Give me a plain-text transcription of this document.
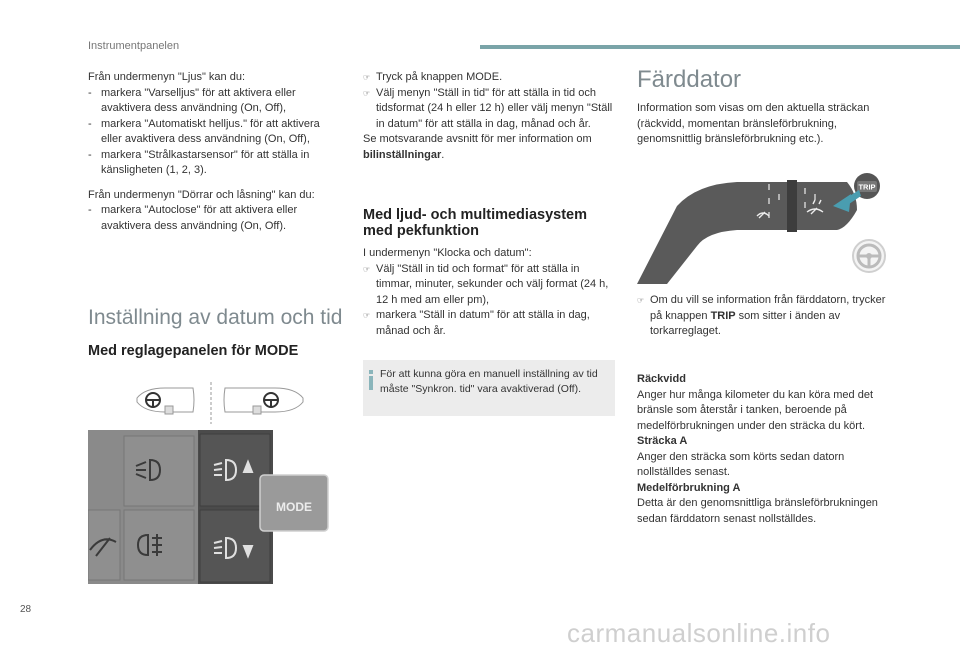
Instrumentpanelen

Från undermenyn "Ljus" kan du:

- markera "Varselljus" för att aktivera eller avaktivera dess användning (On, Off),
- markera "Automatiskt helljus." för att aktivera eller avaktivera dess användning (On, Off),
- markera "Strålkastarsensor" för att ställa in känsligheten (1, 2, 3).

Från undermenyn "Dörrar och låsning" kan du:

- markera "Autoclose" för att aktivera eller avaktivera dess användning (On, Off).
Inställning av datum och tid
Med reglagepanelen för MODE
MODE
☞ Tryck på knappen MODE.
☞ Välj menyn "Ställ in tid" för att ställa in tid och tidsformat (24 h eller 12 h) eller välj menyn "Ställ in datum" för att ställa in dag, månad och år.

Se motsvarande avsnitt för mer information om bilinställningar.

Med ljud- och multimediasystem med pekfunktion

I undermenyn "Klocka och datum":

☞ Välj "Ställ in tid och format" för att ställa in timmar, minuter, sekunder och välj format (24 h, 12 h med am eller pm),
☞ markera "Ställ in datum" för att ställa in dag, månad och år.

För att kunna göra en manuell inställning av tid måste "Synkron. tid" vara avaktiverad (Off).

Färddator
Information som visas om den aktuella sträckan (räckvidd, momentan bränsleförbrukning, genomsnittlig bränsleförbrukning etc.).
TRIP
☞ Om du vill se information från färddatorn, trycker på knappen TRIP som sitter i änden av torkarreglaget.

Räckvidd

Anger hur många kilometer du kan köra med det bränsle som återstår i tanken, beroende på medelförbrukningen under den sträcka du kört.

Sträcka A

Anger den sträcka som körts sedan datorn nollställdes senast.

Medelförbrukning A

Detta är den genomsnittliga bränsleförbrukningen sedan färddatorn senast nollställdes.

28
carmanualsonline.info
